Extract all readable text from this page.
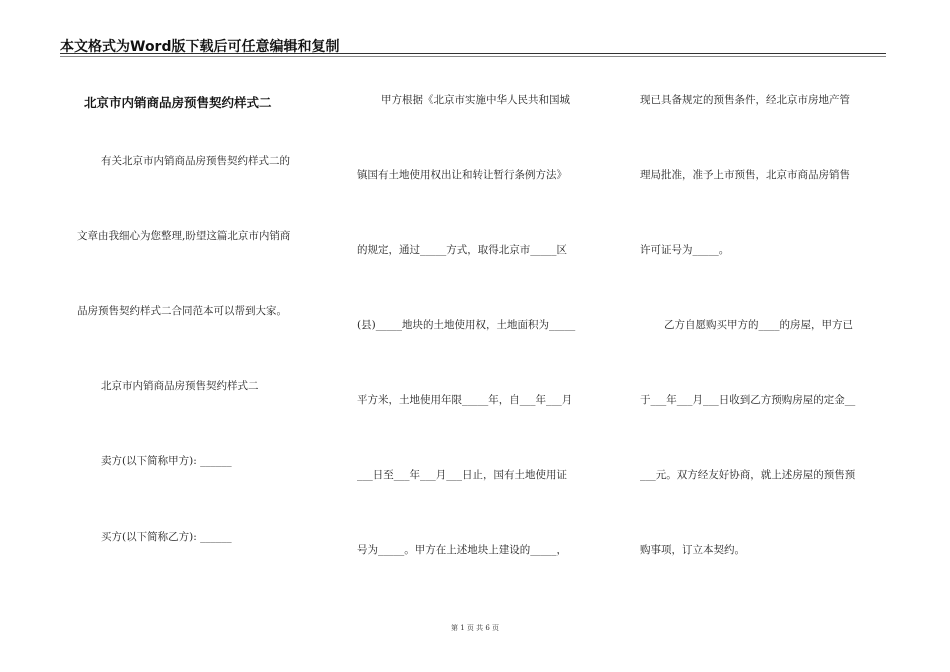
本文格式为Word版下载后可任意编辑和复制
北京市内销商品房预售契约样式二
有关北京市内销商品房预售契约样式二的
文章由我细心为您整理,盼望这篇北京市内销商
品房预售契约样式二合同范本可以帮到大家。
北京市内销商品房预售契约样式二
卖方(以下简称甲方): ______
买方(以下简称乙方): ______
甲方根据《北京市实施中华人民共和国城
镇国有土地使用权出让和转让暂行条例方法》
的规定，通过_____方式，取得北京市_____区
(县)_____地块的土地使用权，土地面积为_____
平方米，土地使用年限_____年，自___年___月
___日至___年___月___日止，国有土地使用证
号为_____。甲方在上述地块上建设的_____，
现已具备规定的预售条件，经北京市房地产管
理局批准，准予上市预售，北京市商品房销售
许可证号为_____。
乙方自愿购买甲方的____的房屋，甲方已
于___年___月___日收到乙方预购房屋的定金__
___元。双方经友好协商，就上述房屋的预售预
购事项，订立本契约。
第 1 页 共 6 页
